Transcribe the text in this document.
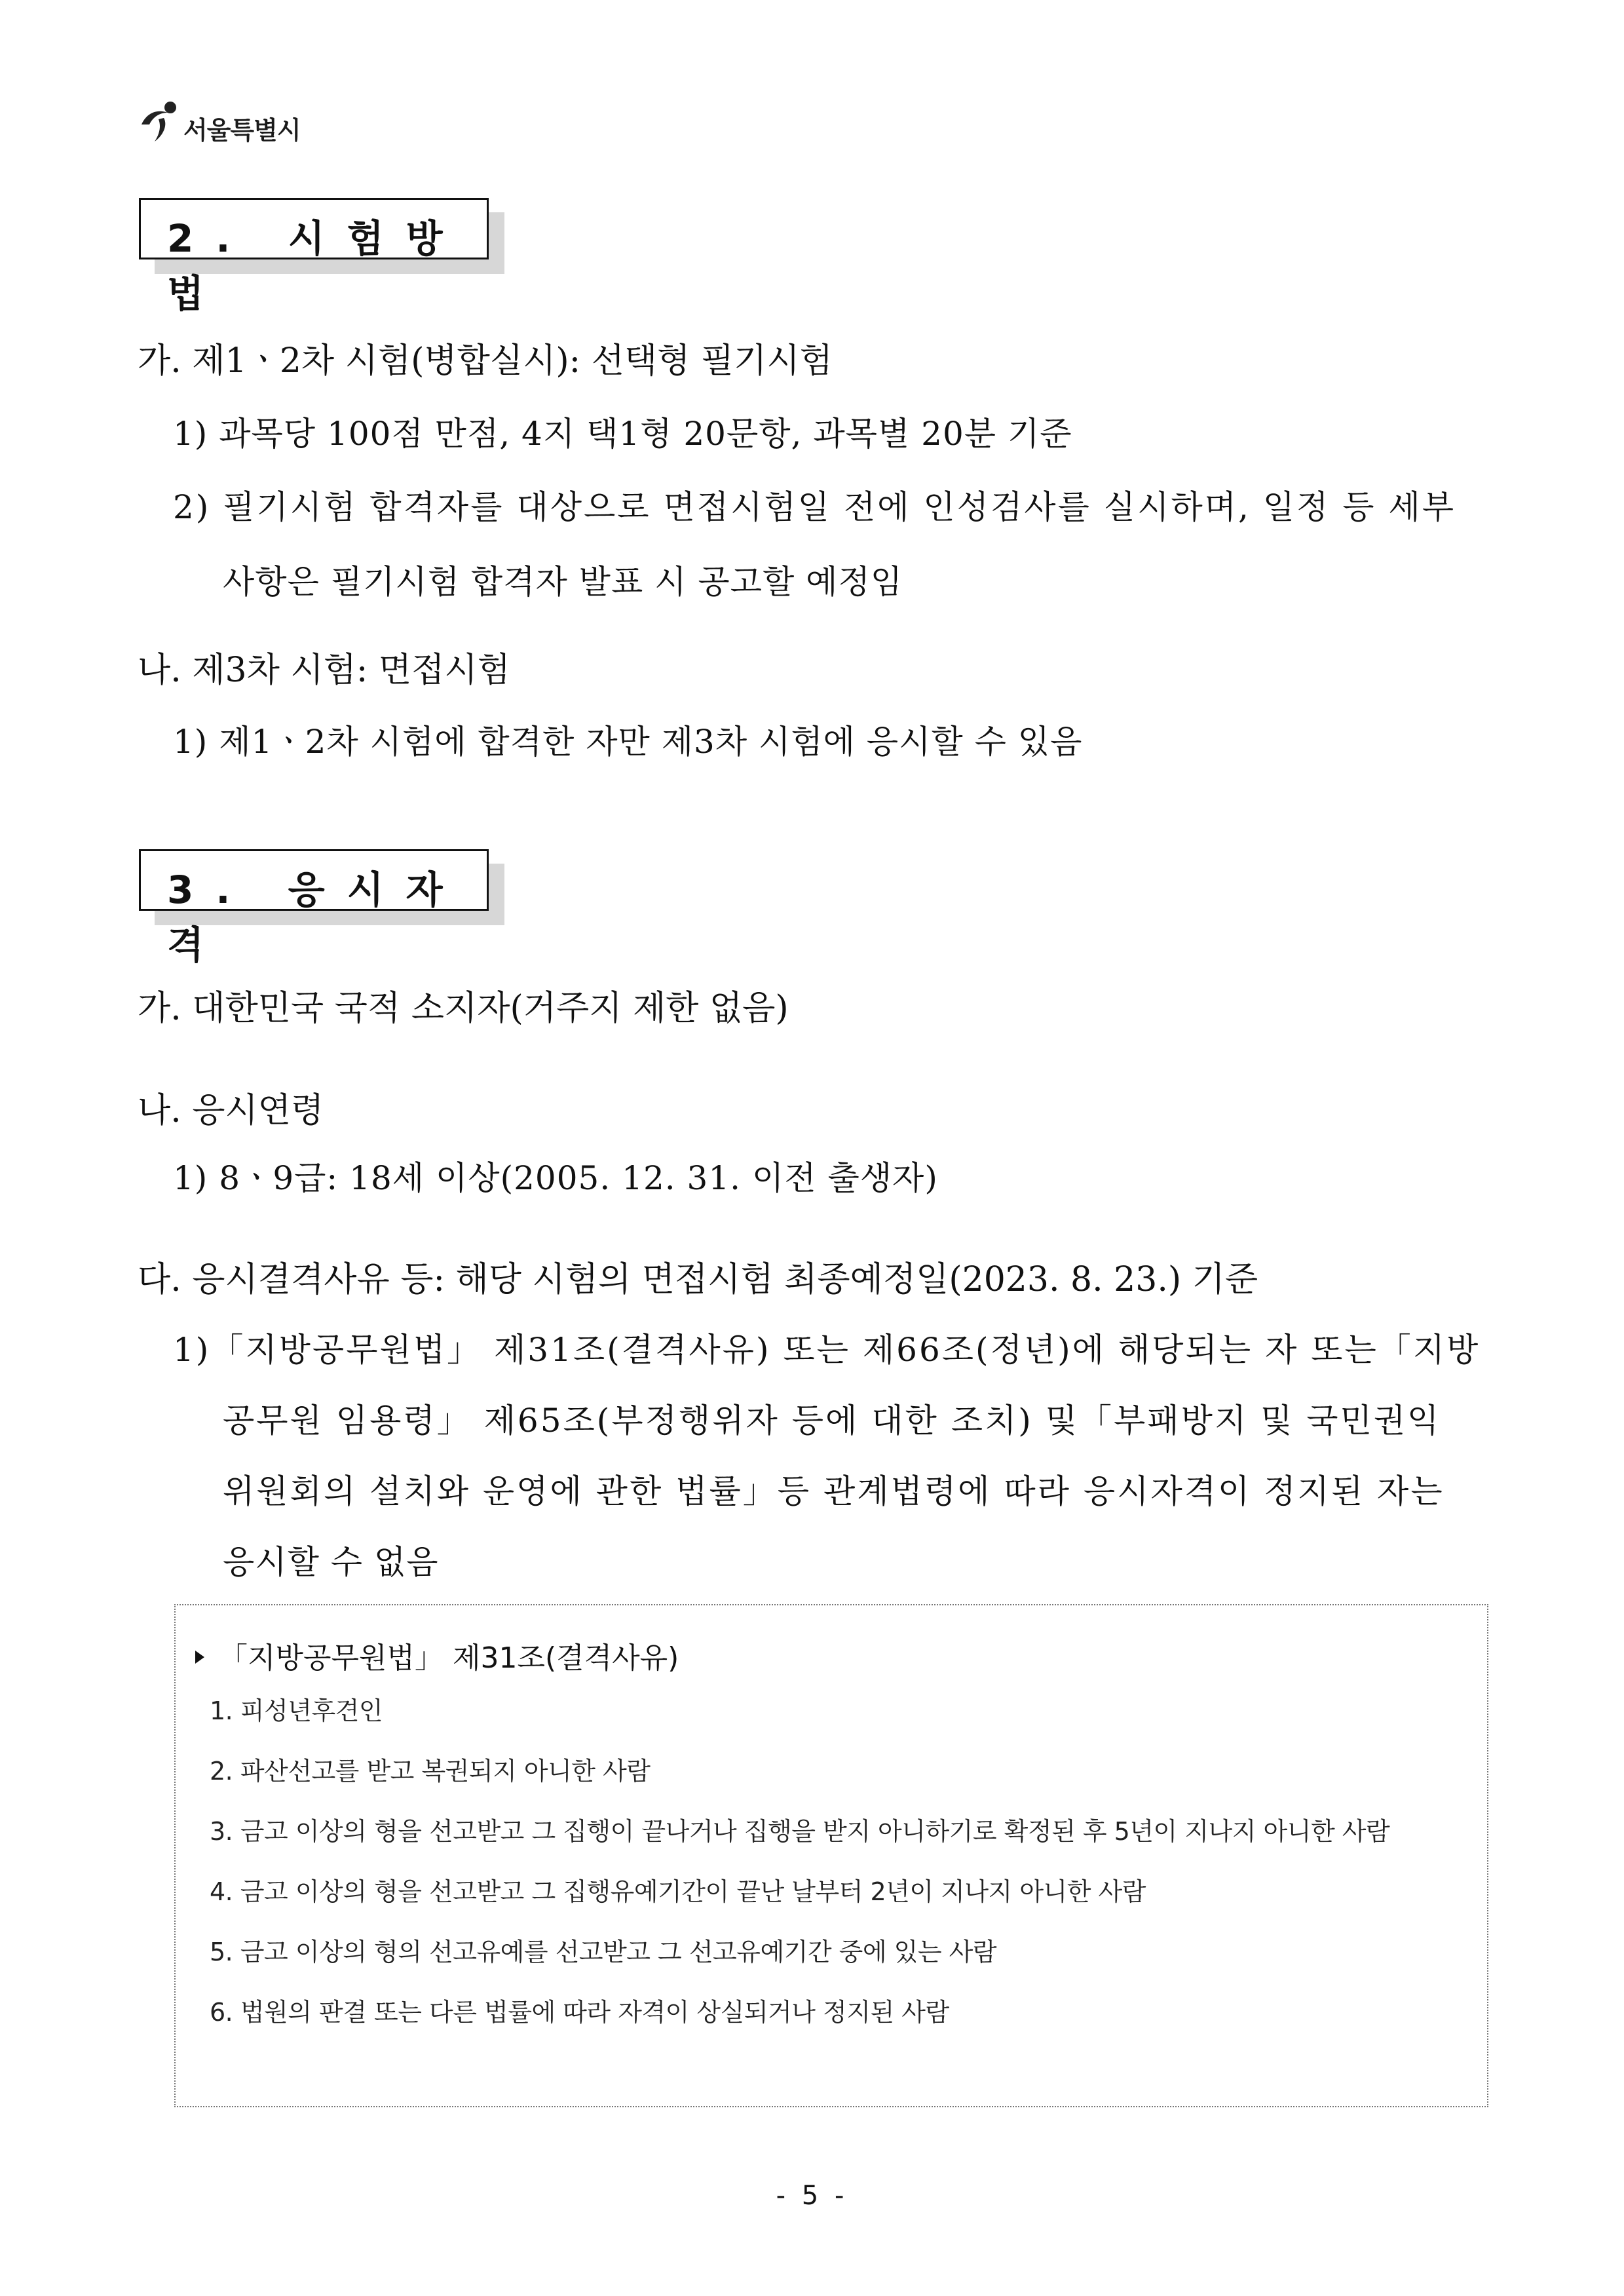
서울특별시
2. 시험방법
가. 제1ㆍ2차 시험(병합실시): 선택형 필기시험
1) 과목당 100점 만점, 4지 택1형 20문항, 과목별 20분 기준
2) 필기시험 합격자를 대상으로 면접시험일 전에 인성검사를 실시하며, 일정 등 세부
사항은 필기시험 합격자 발표 시 공고할 예정임
나. 제3차 시험: 면접시험
1) 제1ㆍ2차 시험에 합격한 자만 제3차 시험에 응시할 수 있음
3. 응시자격
가. 대한민국 국적 소지자(거주지 제한 없음)
나. 응시연령
1) 8ㆍ9급: 18세 이상(2005. 12. 31. 이전 출생자)
다. 응시결격사유 등: 해당 시험의 면접시험 최종예정일(2023. 8. 23.) 기준
1)「지방공무원법」 제31조(결격사유) 또는 제66조(정년)에 해당되는 자 또는「지방
공무원 임용령」 제65조(부정행위자 등에 대한 조치) 및「부패방지 및 국민권익
위원회의 설치와 운영에 관한 법률」등 관계법령에 따라 응시자격이 정지된 자는
응시할 수 없음
「지방공무원법」 제31조(결격사유)
1. 피성년후견인
2. 파산선고를 받고 복권되지 아니한 사람
3. 금고 이상의 형을 선고받고 그 집행이 끝나거나 집행을 받지 아니하기로 확정된 후 5년이 지나지 아니한 사람
4. 금고 이상의 형을 선고받고 그 집행유예기간이 끝난 날부터 2년이 지나지 아니한 사람
5. 금고 이상의 형의 선고유예를 선고받고 그 선고유예기간 중에 있는 사람
6. 법원의 판결 또는 다른 법률에 따라 자격이 상실되거나 정지된 사람
- 5 -
